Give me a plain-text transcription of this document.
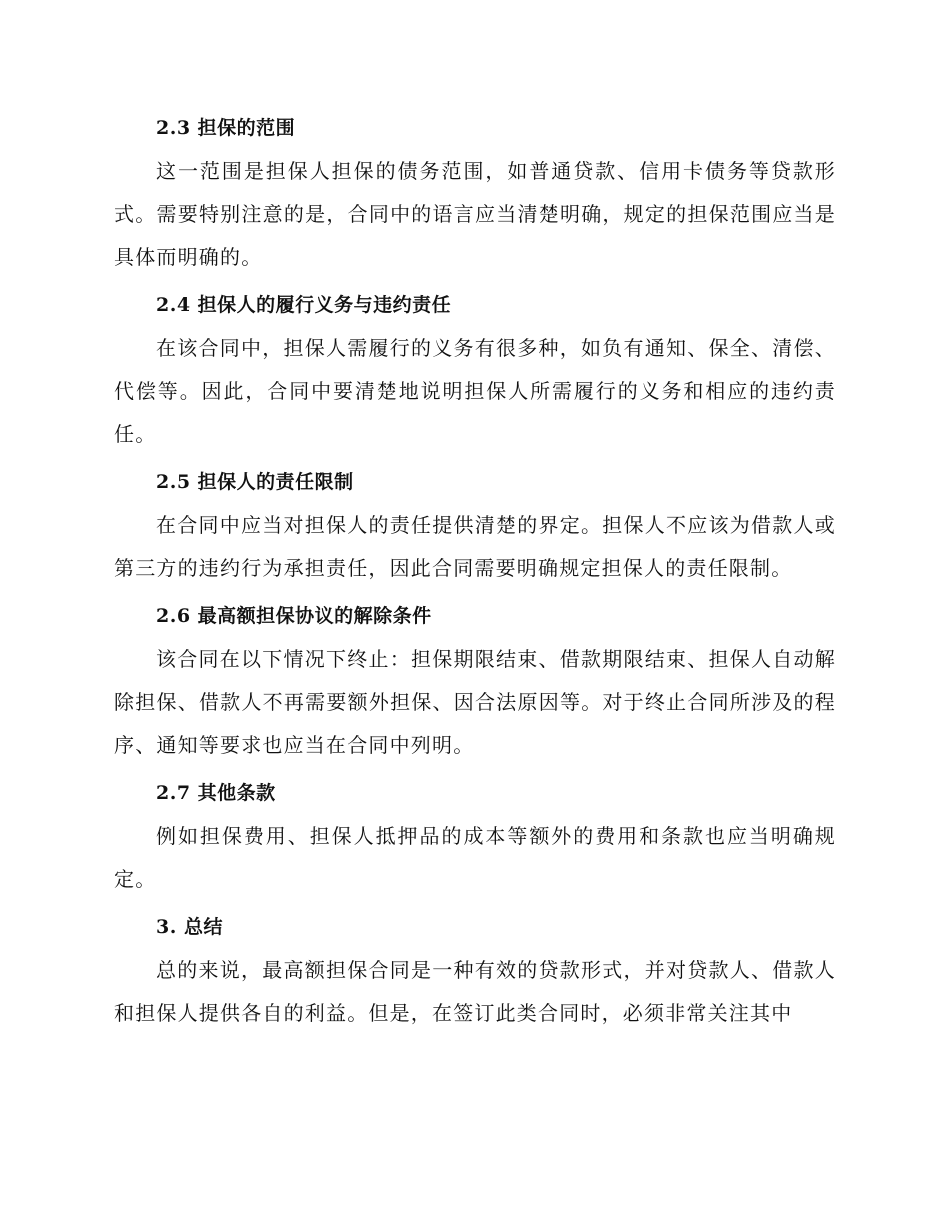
2.3 担保的范围

这一范围是担保人担保的债务范围，如普通贷款、信用卡债务等贷款形式。需要特别注意的是，合同中的语言应当清楚明确，规定的担保范围应当是具体而明确的。

2.4 担保人的履行义务与违约责任

在该合同中，担保人需履行的义务有很多种，如负有通知、保全、清偿、代偿等。因此，合同中要清楚地说明担保人所需履行的义务和相应的违约责任。

2.5 担保人的责任限制

在合同中应当对担保人的责任提供清楚的界定。担保人不应该为借款人或第三方的违约行为承担责任，因此合同需要明确规定担保人的责任限制。

2.6 最高额担保协议的解除条件

该合同在以下情况下终止：担保期限结束、借款期限结束、担保人自动解除担保、借款人不再需要额外担保、因合法原因等。对于终止合同所涉及的程序、通知等要求也应当在合同中列明。

2.7 其他条款

例如担保费用、担保人抵押品的成本等额外的费用和条款也应当明确规定。

3. 总结

总的来说，最高额担保合同是一种有效的贷款形式，并对贷款人、借款人和担保人提供各自的利益。但是，在签订此类合同时，必须非常关注其中
